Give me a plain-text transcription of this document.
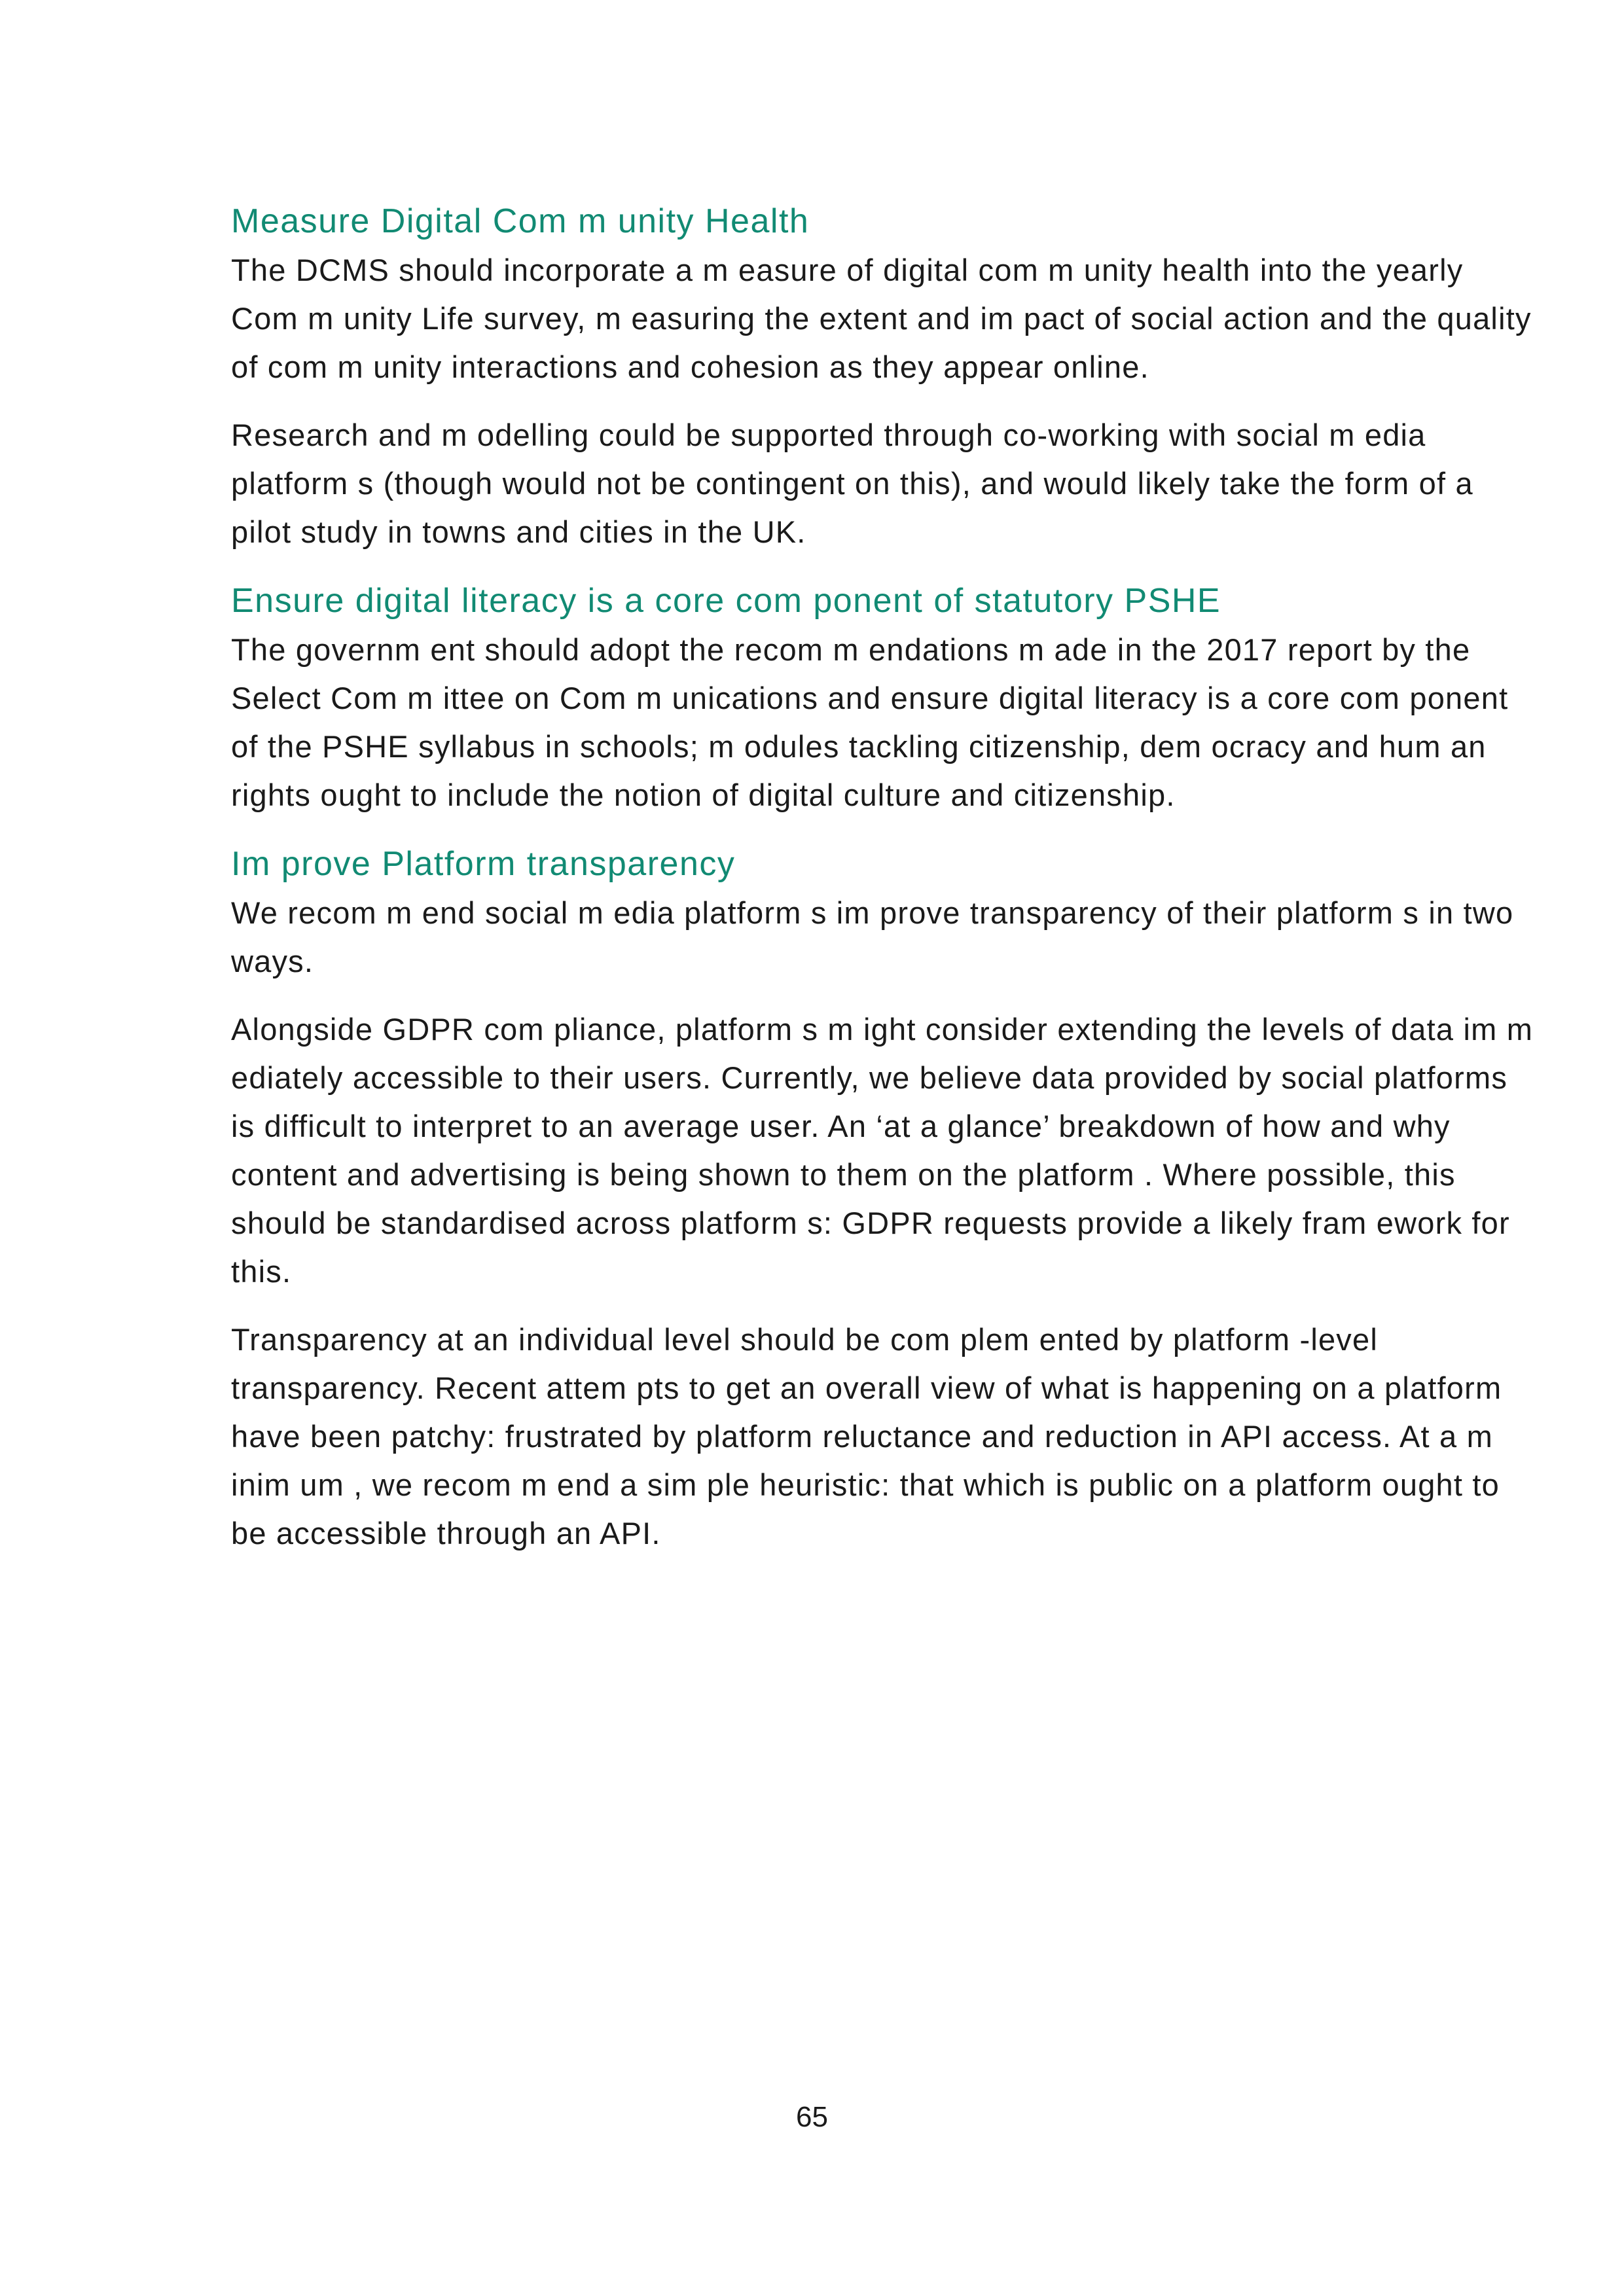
Measure Digital Com m unity Health

The DCMS should incorporate a m easure of digital com m unity health into the yearly Com m unity Life survey, m easuring the extent and im pact of social action and the quality of com m unity interactions and cohesion as they appear online.

Research and m odelling could be supported through co-working with social m edia platform s (though would not be contingent on this), and would likely take the form of a pilot study in towns and cities in the UK.

Ensure digital literacy is a core com ponent of statutory PSHE

The governm ent should adopt the recom m endations m ade in the 2017 report by the Select Com m ittee on Com m unications and ensure digital literacy is a core com ponent of the PSHE syllabus in schools; m odules tackling citizenship, dem ocracy and hum an rights ought to include the notion of digital culture and citizenship.

Im prove Platform transparency

We recom m end social m edia platform s im prove transparency of their platform s in two ways.

Alongside GDPR com pliance, platform s m ight consider extending the levels of data im m ediately accessible to their users. Currently, we believe data provided by social platforms is difficult to interpret to an average user. An ‘at a glance’ breakdown of how and why content and advertising is being shown to them on the platform . Where possible, this should be standardised across platform s: GDPR requests provide a likely fram ework for this.

Transparency at an individual level should be com plem ented by platform -level transparency. Recent attem pts to get an overall view of what is happening on a platform have been patchy: frustrated by platform reluctance and reduction in API access. At a m inim um , we recom m end a sim ple heuristic: that which is public on a platform ought to be accessible through an API.

65
